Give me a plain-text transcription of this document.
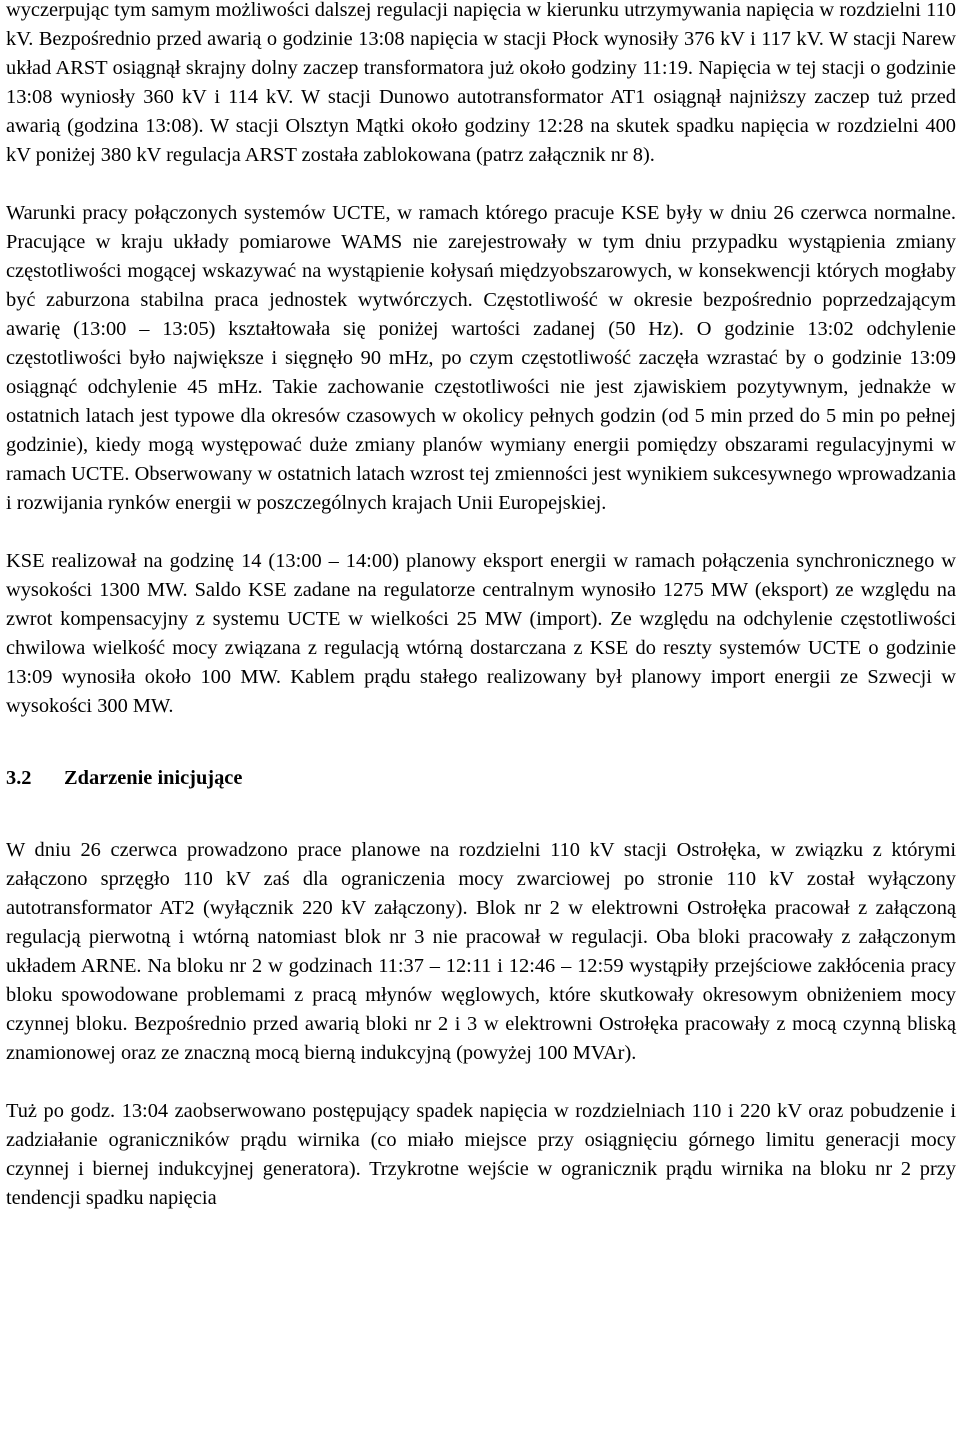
wyczerpując tym samym możliwości dalszej regulacji napięcia w kierunku utrzymywania napięcia w rozdzielni 110 kV. Bezpośrednio przed awarią o godzinie 13:08 napięcia w stacji Płock wynosiły 376 kV i 117 kV. W stacji Narew układ ARST osiągnął skrajny dolny zaczep transformatora już około godziny 11:19. Napięcia w tej stacji o godzinie 13:08 wyniosły 360 kV i 114 kV. W stacji Dunowo autotransformator AT1 osiągnął najniższy zaczep tuż przed awarią (godzina 13:08). W stacji Olsztyn Mątki około godziny 12:28 na skutek spadku napięcia w rozdzielni 400 kV poniżej 380 kV regulacja ARST została zablokowana (patrz załącznik nr 8).

Warunki pracy połączonych systemów UCTE, w ramach którego pracuje KSE były w dniu 26 czerwca normalne. Pracujące w kraju układy pomiarowe WAMS nie zarejestrowały w tym dniu przypadku wystąpienia zmiany częstotliwości mogącej wskazywać na wystąpienie kołysań międzyobszarowych, w konsekwencji których mogłaby być zaburzona stabilna praca jednostek wytwórczych. Częstotliwość w okresie bezpośrednio poprzedzającym awarię (13:00 – 13:05) kształtowała się poniżej wartości zadanej (50 Hz). O godzinie 13:02 odchylenie częstotliwości było największe i sięgnęło 90 mHz, po czym częstotliwość zaczęła wzrastać by o godzinie 13:09 osiągnąć odchylenie 45 mHz. Takie zachowanie częstotliwości nie jest zjawiskiem pozytywnym, jednakże w ostatnich latach jest typowe dla okresów czasowych w okolicy pełnych godzin (od 5 min przed do 5 min po pełnej godzinie), kiedy mogą występować duże zmiany planów wymiany energii pomiędzy obszarami regulacyjnymi w ramach UCTE. Obserwowany w ostatnich latach wzrost tej zmienności jest wynikiem sukcesywnego wprowadzania i rozwijania rynków energii w poszczególnych krajach Unii Europejskiej.

KSE realizował na godzinę 14 (13:00 – 14:00) planowy eksport energii w ramach połączenia synchronicznego w wysokości 1300 MW. Saldo KSE zadane na regulatorze centralnym wynosiło 1275 MW (eksport) ze względu na zwrot kompensacyjny z systemu UCTE w wielkości 25 MW (import). Ze względu na odchylenie częstotliwości chwilowa wielkość mocy związana z regulacją wtórną dostarczana z KSE do reszty systemów UCTE o godzinie 13:09 wynosiła około 100 MW. Kablem prądu stałego realizowany był planowy import energii ze Szwecji w wysokości 300 MW.

3.2	Zdarzenie inicjujące

W dniu 26 czerwca prowadzono prace planowe na rozdzielni 110 kV stacji Ostrołęka, w związku z którymi załączono sprzęgło 110 kV zaś dla ograniczenia mocy zwarciowej po stronie 110 kV został wyłączony autotransformator AT2 (wyłącznik 220 kV załączony). Blok nr 2 w elektrowni Ostrołęka pracował z załączoną regulacją pierwotną i wtórną natomiast blok nr 3 nie pracował w regulacji. Oba bloki pracowały z załączonym układem ARNE. Na bloku nr 2 w godzinach 11:37 – 12:11 i 12:46 – 12:59 wystąpiły przejściowe zakłócenia pracy bloku spowodowane problemami z pracą młynów węglowych, które skutkowały okresowym obniżeniem mocy czynnej bloku. Bezpośrednio przed awarią bloki nr 2 i 3 w elektrowni Ostrołęka pracowały z mocą czynną bliską znamionowej oraz ze znaczną mocą bierną indukcyjną (powyżej 100 MVAr).

Tuż po godz. 13:04 zaobserwowano postępujący spadek napięcia w rozdzielniach 110 i 220 kV oraz pobudzenie i zadziałanie ograniczników prądu wirnika (co miało miejsce przy osiągnięciu górnego limitu generacji mocy czynnej i biernej indukcyjnej generatora). Trzykrotne wejście w ogranicznik prądu wirnika na bloku nr 2 przy tendencji spadku napięcia
